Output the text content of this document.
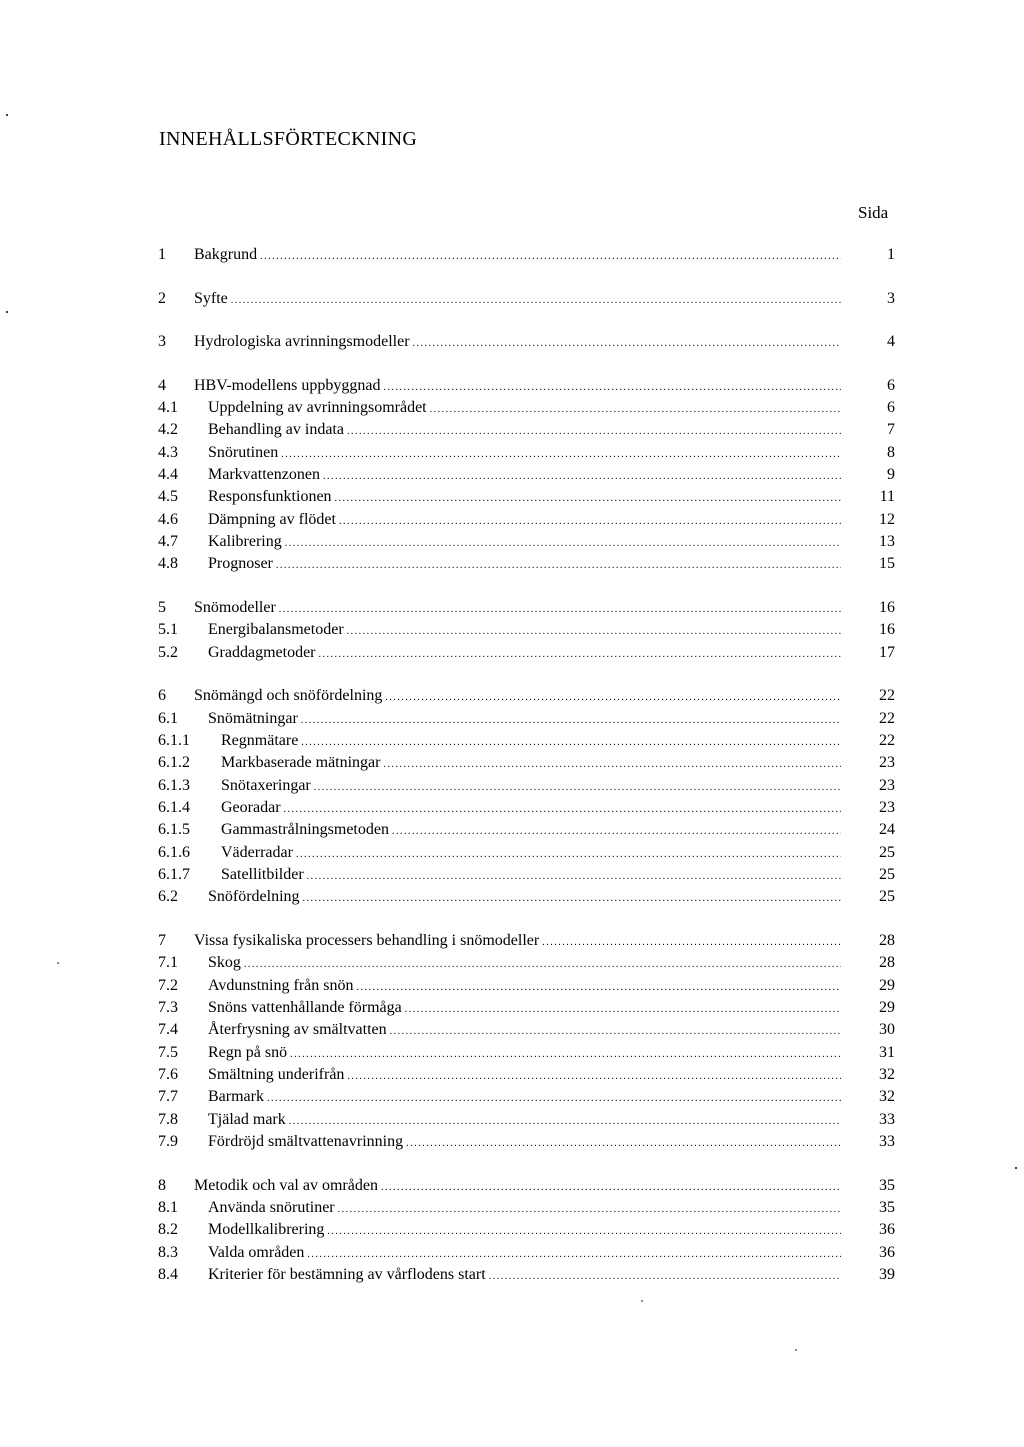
INNEHÅLLSFÖRTECKNING
Sida
1 Bakgrund .....	1
2 Syfte .....	3
3 Hydrologiska avrinningsmodeller .....	4
4 HBV-modellens uppbyggnad .....	6
4.1 Uppdelning av avrinningsområdet .....	6
4.2 Behandling av indata .....	7
4.3 Snörutinen .....	8
4.4 Markvattenzonen .....	9
4.5 Responsfunktionen .....	11
4.6 Dämpning av flödet .....	12
4.7 Kalibrering .....	13
4.8 Prognoser .....	15
5 Snömodeller .....	16
5.1 Energibalansmetoder .....	16
5.2 Graddagmetoder .....	17
6 Snömängd och snöfördelning .....	22
6.1 Snömätningar .....	22
6.1.1 Regnmätare .....	22
6.1.2 Markbaserade mätningar .....	23
6.1.3 Snötaxeringar .....	23
6.1.4 Georadar .....	23
6.1.5 Gammastrålningsmetoden .....	24
6.1.6 Väderradar .....	25
6.1.7 Satellitbilder .....	25
6.2 Snöfördelning .....	25
7 Vissa fysikaliska processers behandling i snömodeller .....	28
7.1 Skog .....	28
7.2 Avdunstning från snön .....	29
7.3 Snöns vattenhållande förmåga .....	29
7.4 Återfrysning av smältvatten .....	30
7.5 Regn på snö .....	31
7.6 Smältning underifrån .....	32
7.7 Barmark .....	32
7.8 Tjälad mark .....	33
7.9 Fördröjd smältvattenavrinning .....	33
8 Metodik och val av områden .....	35
8.1 Använda snörutiner .....	35
8.2 Modellkalibrering .....	36
8.3 Valda områden .....	36
8.4 Kriterier för bestämning av vårflodens start .....	39
